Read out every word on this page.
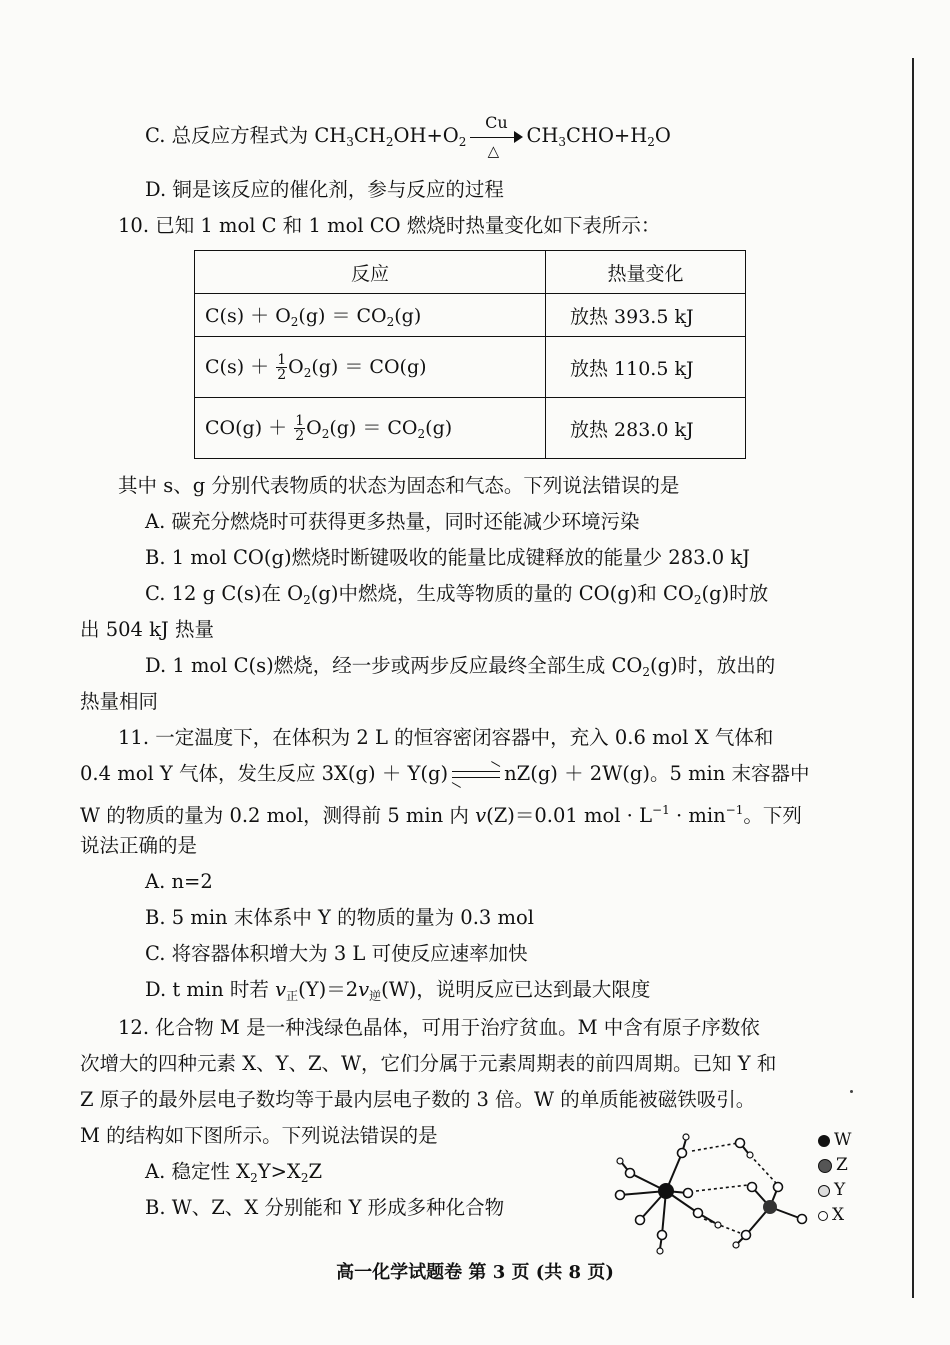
C. 总反应方程式为 $CH_3CH_2OH+O_2$
Cu
△
$CH_3CHO+H_2O$
D. 铜是该反应的催化剂，参与反应的过程
10. 已知 1 mol C 和 1 mol CO 燃烧时热量变化如下表所示：
反应	热量变化
$C(s) + O_2(g) = CO_2(g)$	放热 393.5 kJ
$C(s) + \frac{1}{2} O_2(g) = CO(g)$	放热 110.5 kJ
$CO(g) + \frac{1}{2} O_2(g) = CO_2(g)$	放热 283.0 kJ
其中 s、g 分别代表物质的状态为固态和气态。下列说法错误的是
A. 碳充分燃烧时可获得更多热量，同时还能减少环境污染
B. 1 mol CO(g)燃烧时断键吸收的能量比成键释放的能量少 283.0 kJ
C. 12 g C(s)在 $O_2(g)$中燃烧，生成等物质的量的 CO(g)和 $CO_2(g)$时放
出 504 kJ 热量
D. 1 mol C(s)燃烧，经一步或两步反应最终全部生成 $CO_2(g)$时，放出的
热量相同
11. 一定温度下，在体积为 2 L 的恒容密闭容器中，充入 0.6 mol X 气体和
0.4 mol Y 气体，发生反应 3X(g) ＋ Y(g) ⇌ nZ(g) ＋ 2W(g)。5 min 末容器中
W 的物质的量为 0.2 mol，测得前 5 min 内 v(Z)＝0.01 mol · $L^{-1} \cdot \min^{-1}$。下列
说法正确的是
A. n=2
B. 5 min 末体系中 Y 的物质的量为 0.3 mol
C. 将容器体积增大为 3 L 可使反应速率加快
D. t min 时若 $v_正(Y)=2v_逆(W)$，说明反应已达到最大限度
12. 化合物 M 是一种浅绿色晶体，可用于治疗贫血。M 中含有原子序数依
次增大的四种元素 X、Y、Z、W，它们分属于元素周期表的前四周期。已知 Y 和
Z 原子的最外层电子数均等于最内层电子数的 3 倍。W 的单质能被磁铁吸引。
M 的结构如下图所示。下列说法错误的是
A. 稳定性 $X_2Y>X_2Z$
B. W、Z、X 分别能和 Y 形成多种化合物
W
Z
Y
X
高一化学试题卷 第 3 页 (共 8 页)
